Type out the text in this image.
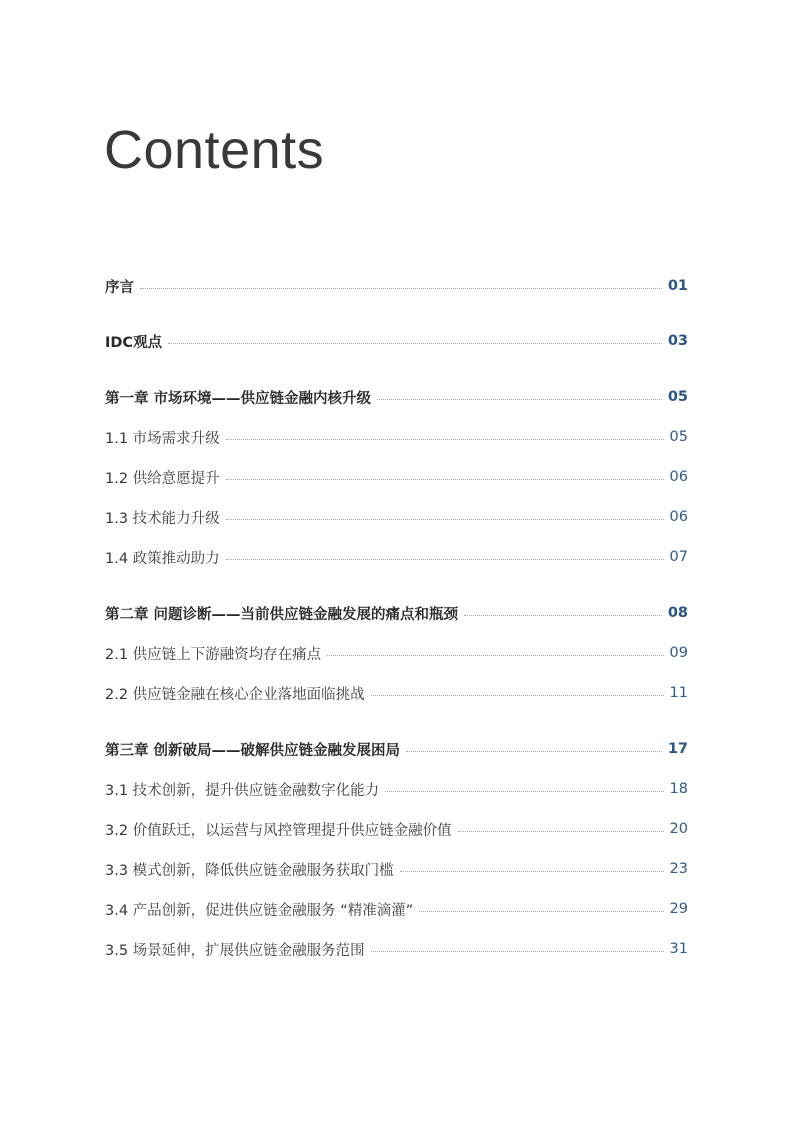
Contents
序言	01
IDC观点	03
第一章 市场环境——供应链金融内核升级	05
1.1 市场需求升级	05
1.2 供给意愿提升	06
1.3 技术能力升级	06
1.4 政策推动助力	07
第二章 问题诊断——当前供应链金融发展的痛点和瓶颈	08
2.1 供应链上下游融资均存在痛点	09
2.2 供应链金融在核心企业落地面临挑战	11
第三章 创新破局——破解供应链金融发展困局	17
3.1 技术创新，提升供应链金融数字化能力	18
3.2 价值跃迁，以运营与风控管理提升供应链金融价值	20
3.3 模式创新，降低供应链金融服务获取门槛	23
3.4 产品创新，促进供应链金融服务 “精准滴灌”	29
3.5 场景延伸，扩展供应链金融服务范围	31
